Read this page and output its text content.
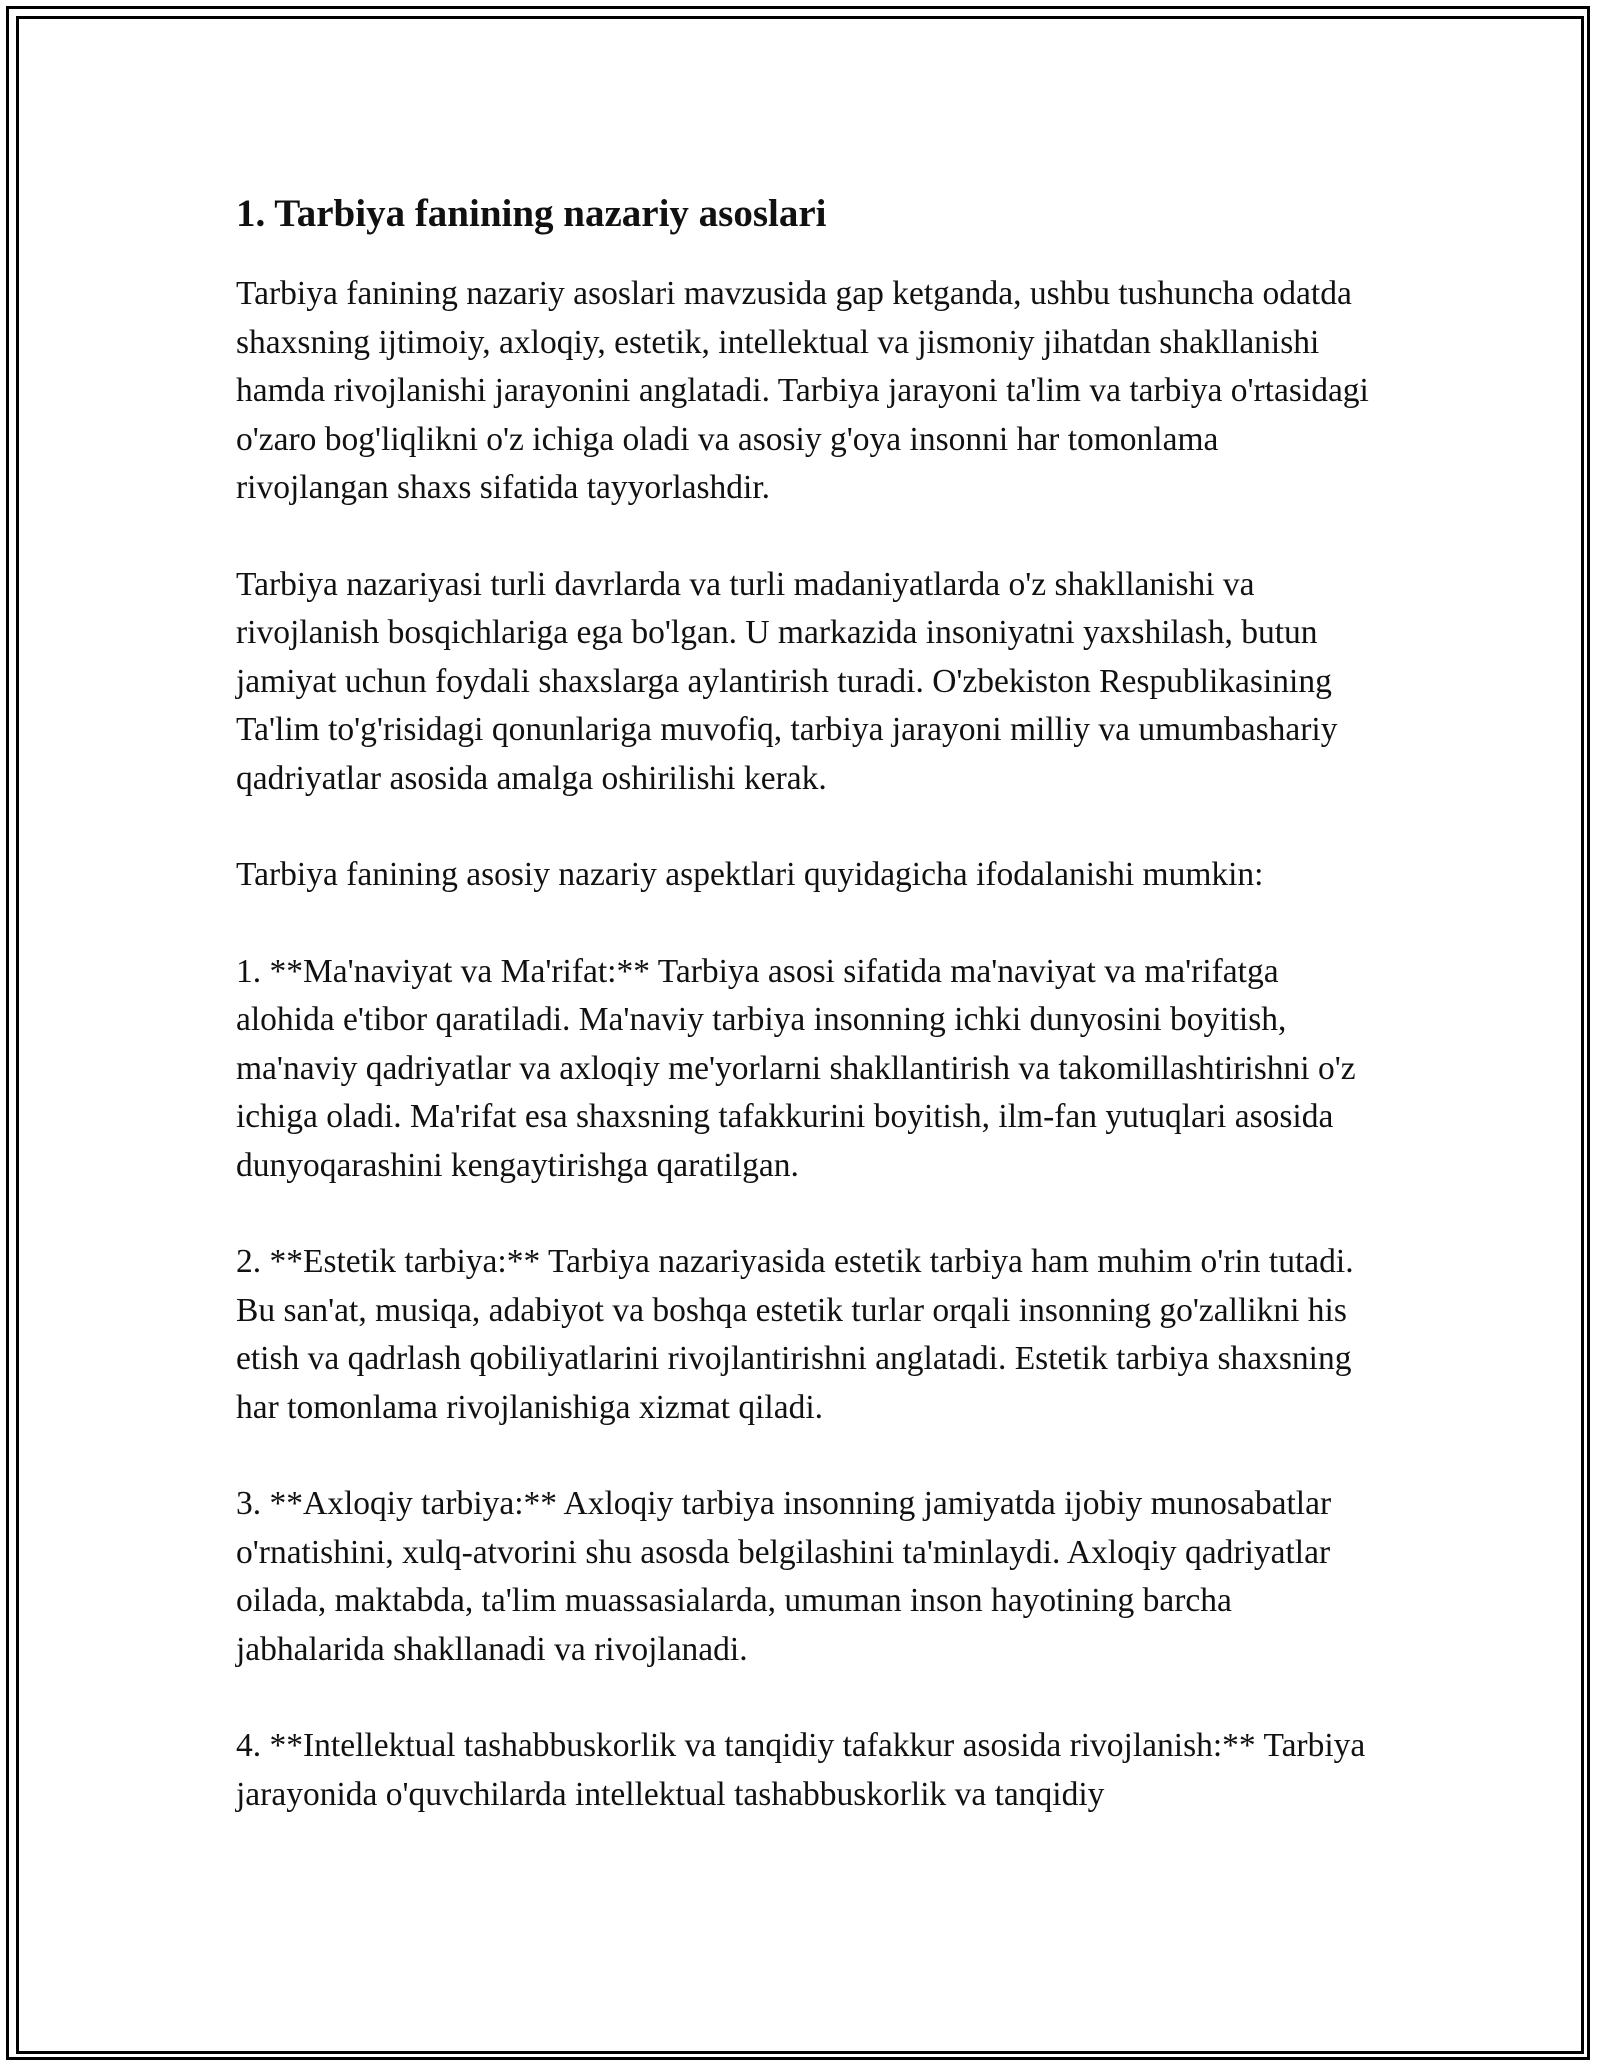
1. Tarbiya fanining nazariy asoslari

Tarbiya fanining nazariy asoslari mavzusida gap ketganda, ushbu tushuncha odatda shaxsning ijtimoiy, axloqiy, estetik, intellektual va jismoniy jihatdan shakllanishi hamda rivojlanishi jarayonini anglatadi. Tarbiya jarayoni ta'lim va tarbiya o'rtasidagi o'zaro bog'liqlikni o'z ichiga oladi va asosiy g'oya insonni har tomonlama rivojlangan shaxs sifatida tayyorlashdir.

Tarbiya nazariyasi turli davrlarda va turli madaniyatlarda o'z shakllanishi va rivojlanish bosqichlariga ega bo'lgan. U markazida insoniyatni yaxshilash, butun jamiyat uchun foydali shaxslarga aylantirish turadi. O'zbekiston Respublikasining Ta'lim to'g'risidagi qonunlariga muvofiq, tarbiya jarayoni milliy va umumbashariy qadriyatlar asosida amalga oshirilishi kerak.

Tarbiya fanining asosiy nazariy aspektlari quyidagicha ifodalanishi mumkin:

1. **Ma'naviyat va Ma'rifat:** Tarbiya asosi sifatida ma'naviyat va ma'rifatga alohida e'tibor qaratiladi. Ma'naviy tarbiya insonning ichki dunyosini boyitish, ma'naviy qadriyatlar va axloqiy me'yorlarni shakllantirish va takomillashtirishni o'z ichiga oladi. Ma'rifat esa shaxsning tafakkurini boyitish, ilm-fan yutuqlari asosida dunyoqarashini kengaytirishga qaratilgan.

2. **Estetik tarbiya:** Tarbiya nazariyasida estetik tarbiya ham muhim o'rin tutadi. Bu san'at, musiqa, adabiyot va boshqa estetik turlar orqali insonning go'zallikni his etish va qadrlash qobiliyatlarini rivojlantirishni anglatadi. Estetik tarbiya shaxsning har tomonlama rivojlanishiga xizmat qiladi.

3. **Axloqiy tarbiya:** Axloqiy tarbiya insonning jamiyatda ijobiy munosabatlar o'rnatishini, xulq-atvorini shu asosda belgilashini ta'minlaydi. Axloqiy qadriyatlar oilada, maktabda, ta'lim muassasialarda, umuman inson hayotining barcha jabhalarida shakllanadi va rivojlanadi.

4. **Intellektual tashabbuskorlik va tanqidiy tafakkur asosida rivojlanish:** Tarbiya jarayonida o'quvchilarda intellektual tashabbuskorlik va tanqidiy
